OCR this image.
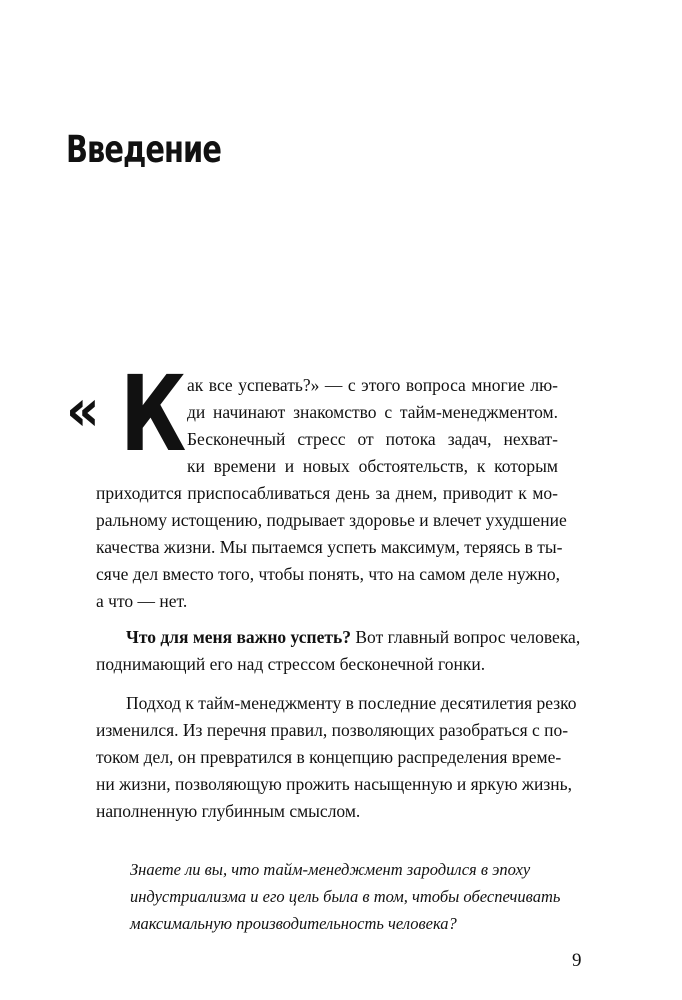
Введение
« К ак все успевать?» — с этого вопроса многие лю-
ди начинают знакомство с тайм-менеджментом.
Бесконечный стресс от потока задач, нехват-
ки времени и новых обстоятельств, к которым
приходится приспосабливаться день за днем, приводит к мо-
ральному истощению, подрывает здоровье и влечет ухудшение
качества жизни. Мы пытаемся успеть максимум, теряясь в ты-
сяче дел вместо того, чтобы понять, что на самом деле нужно,
а что — нет.
Что для меня важно успеть? Вот главный вопрос человека,
поднимающий его над стрессом бесконечной гонки.
Подход к тайм-менеджменту в последние десятилетия резко
изменился. Из перечня правил, позволяющих разобраться с по-
током дел, он превратился в концепцию распределения време-
ни жизни, позволяющую прожить насыщенную и яркую жизнь,
наполненную глубинным смыслом.
Знаете ли вы, что тайм-менеджмент зародился в эпоху
индустриализма и его цель была в том, чтобы обеспечивать
максимальную производительность человека?
9
